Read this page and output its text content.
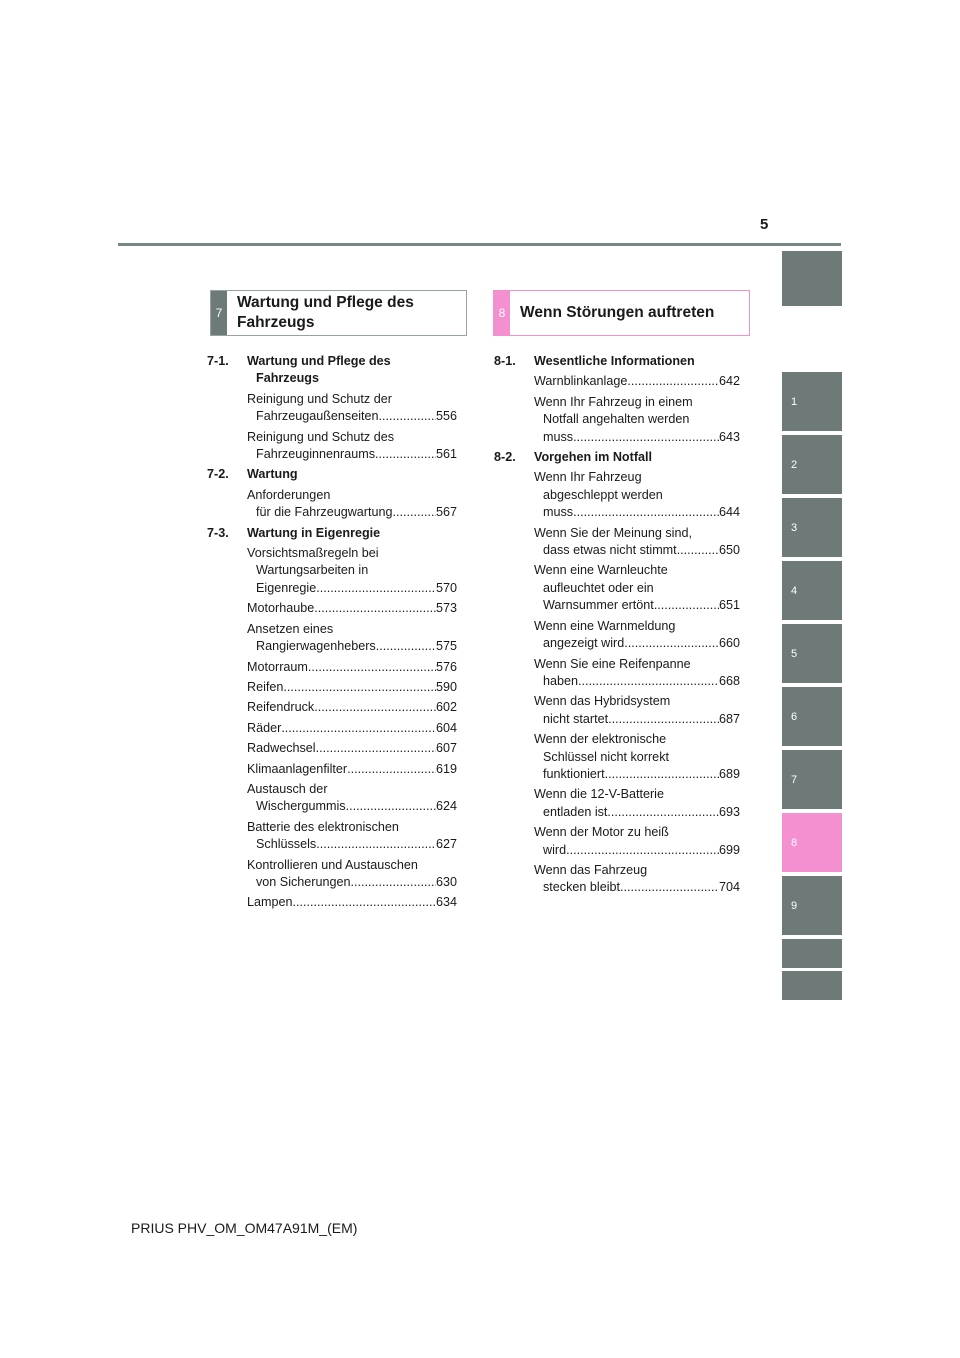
5
1
2
3
4
5
6
7
8
9
7
Wartung und Pflege des
Fahrzeugs
8 Wenn Störungen auftreten
7-1.	Wartung und Pflege des
Fahrzeugs
Reinigung und Schutz der
Fahrzeugaußenseiten .....	556
Reinigung und Schutz des
Fahrzeuginnenraums .....	561
7-2.	Wartung
Anforderungen
für die Fahrzeugwartung .....	567
7-3.	Wartung in Eigenregie
Vorsichtsmaßregeln bei
Wartungsarbeiten in
Eigenregie .....	570
Motorhaube .....	573
Ansetzen eines
Rangierwagenhebers .....	575
Motorraum .....	576
Reifen .....	590
Reifendruck .....	602
Räder .....	604
Radwechsel .....	607
Klimaanlagenfilter .....	619
Austausch der
Wischergummis .....	624
Batterie des elektronischen
Schlüssels .....	627
Kontrollieren und Austauschen
von Sicherungen .....	630
Lampen .....	634
8-1.	Wesentliche Informationen
Warnblinkanlage .....	642
Wenn Ihr Fahrzeug in einem
Notfall angehalten werden
muss .....	643
8-2.	Vorgehen im Notfall
Wenn Ihr Fahrzeug
abgeschleppt werden
muss .....	644
Wenn Sie der Meinung sind,
dass etwas nicht stimmt .....	650
Wenn eine Warnleuchte
aufleuchtet oder ein
Warnsummer ertönt .....	651
Wenn eine Warnmeldung
angezeigt wird .....	660
Wenn Sie eine Reifenpanne
haben .....	668
Wenn das Hybridsystem
nicht startet .....	687
Wenn der elektronische
Schlüssel nicht korrekt
funktioniert .....	689
Wenn die 12-V-Batterie
entladen ist .....	693
Wenn der Motor zu heiß
wird .....	699
Wenn das Fahrzeug
stecken bleibt .....	704
PRIUS PHV_OM_OM47A91M_(EM)
